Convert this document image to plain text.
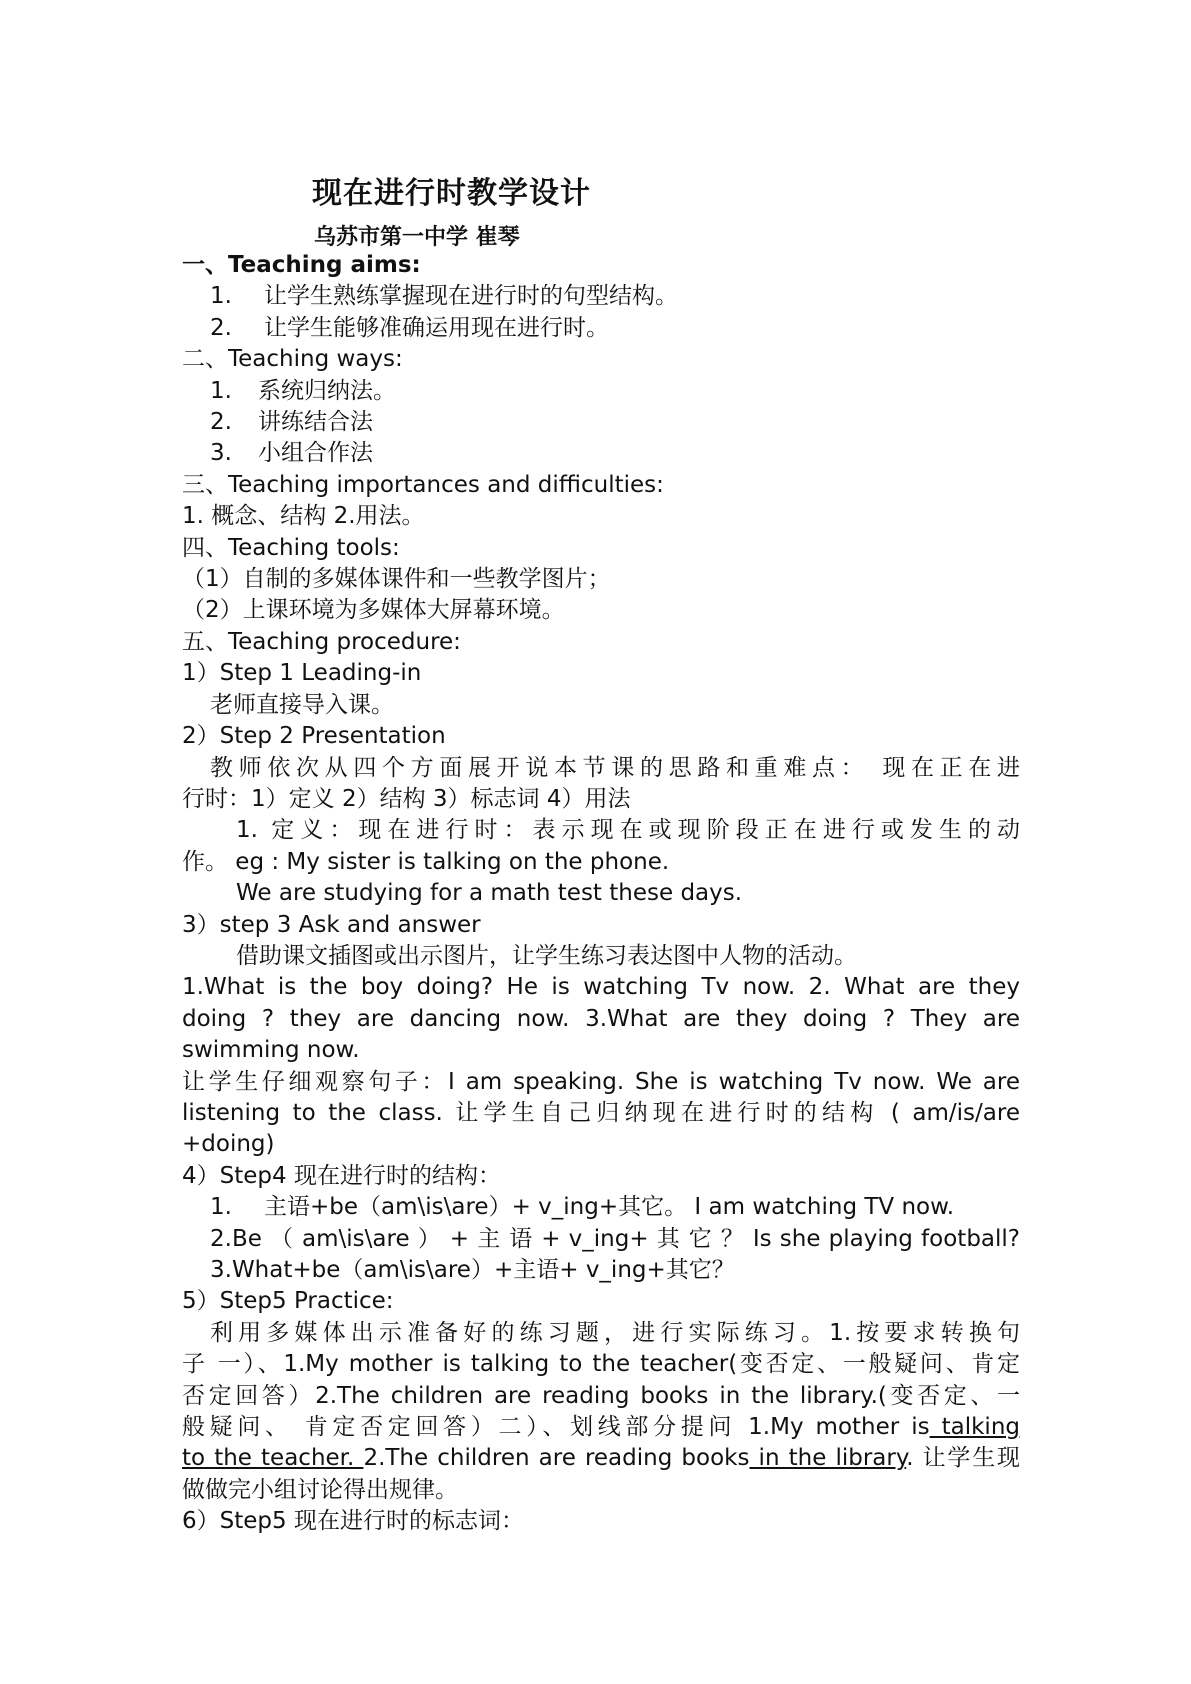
现在进行时教学设计
乌苏市第一中学 崔琴
一、Teaching aims:
1. 让学生熟练掌握现在进行时的句型结构。
2. 让学生能够准确运用现在进行时。
二、Teaching ways:
1. 系统归纳法。
2. 讲练结合法
3. 小组合作法
三、Teaching importances and difficulties:
1. 概念、结构 2.用法。
四、Teaching tools:
（1）自制的多媒体课件和一些教学图片；
（2）上课环境为多媒体大屏幕环境。
五、Teaching procedure:
1）Step 1 Leading-in
老师直接导入课。
2）Step 2 Presentation
教师依次从四个方面展开说本节课的思路和重难点： 现在正在进
行时：1）定义 2）结构 3）标志词 4）用法
1. 定义：现在进行时：表示现在或现阶段正在进行或发生的动
作。 eg : My sister is talking on the phone.
We are studying for a math test these days.
3）step 3 Ask and answer
借助课文插图或出示图片，让学生练习表达图中人物的活动。
1.What is the boy doing? He is watching Tv now. 2. What are they
doing ? they are dancing now. 3.What are they doing ? They are
swimming now.
让学生仔细观察句子：I am speaking. She is watching Tv now. We are
listening to the class. 让学生自己归纳现在进行时的结构 ( am/is/are
+doing)
4）Step4 现在进行时的结构：
1. 主语+be（am\is\are）+ v_ing+其它。 I am watching TV now.
2.Be （ am\is\are ） + 主 语 + v_ing+ 其 它 ？ Is she playing football?
3.What+be（am\is\are）+主语+ v_ing+其它？
5）Step5 Practice:
利用多媒体出示准备好的练习题，进行实际练习。1.按要求转换句
子 一）、1.My mother is talking to the teacher(变否定、一般疑问、肯定
否定回答）2.The children are reading books in the library.(变否定、一
般疑问、 肯定否定回答）二）、划线部分提问 1.My mother is talking
to the teacher. 2.The children are reading books in the library. 让学生现
做做完小组讨论得出规律。
6）Step5 现在进行时的标志词：
